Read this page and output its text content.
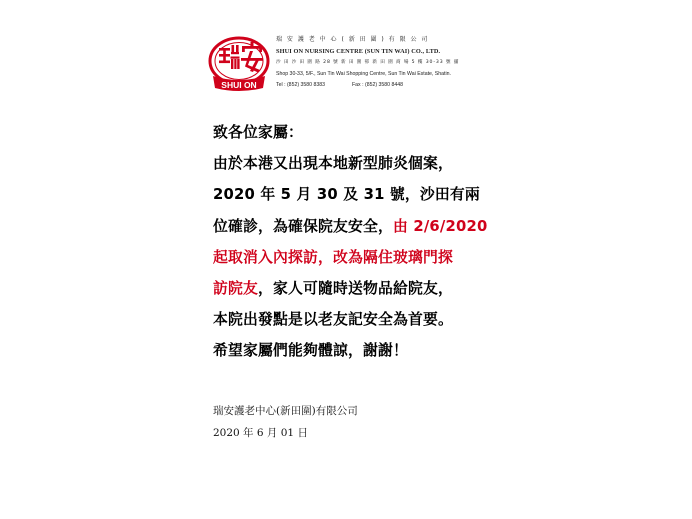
SHUI ON
瑞 安 護 老 中 心 ( 新 田 圍 ) 有 限 公 司
SHUI ON NURSING CENTRE (SUN TIN WAI) CO., LTD.
沙 田 沙 田 圍 路 28 號 新 田 圍 邨 新 田 圍 商 場 5 樓 30-33 號 舖
Shop 30-33, 5/F., Sun Tin Wai Shopping Centre, Sun Tin Wai Estate, Shatin.
Tel : (852) 3580 8383	Fax : (852) 3580 8448
致各位家屬：
由於本港又出現本地新型肺炎個案，
2020 年 5 月 30 及 31 號，沙田有兩
位確診，為確保院友安全，由 2/6/2020
起取消入內探訪，改為隔住玻璃門探
訪院友，家人可隨時送物品給院友，
本院出發點是以老友記安全為首要。
希望家屬們能夠體諒，謝謝！
瑞安護老中心(新田圍)有限公司
2020 年 6 月 01 日
